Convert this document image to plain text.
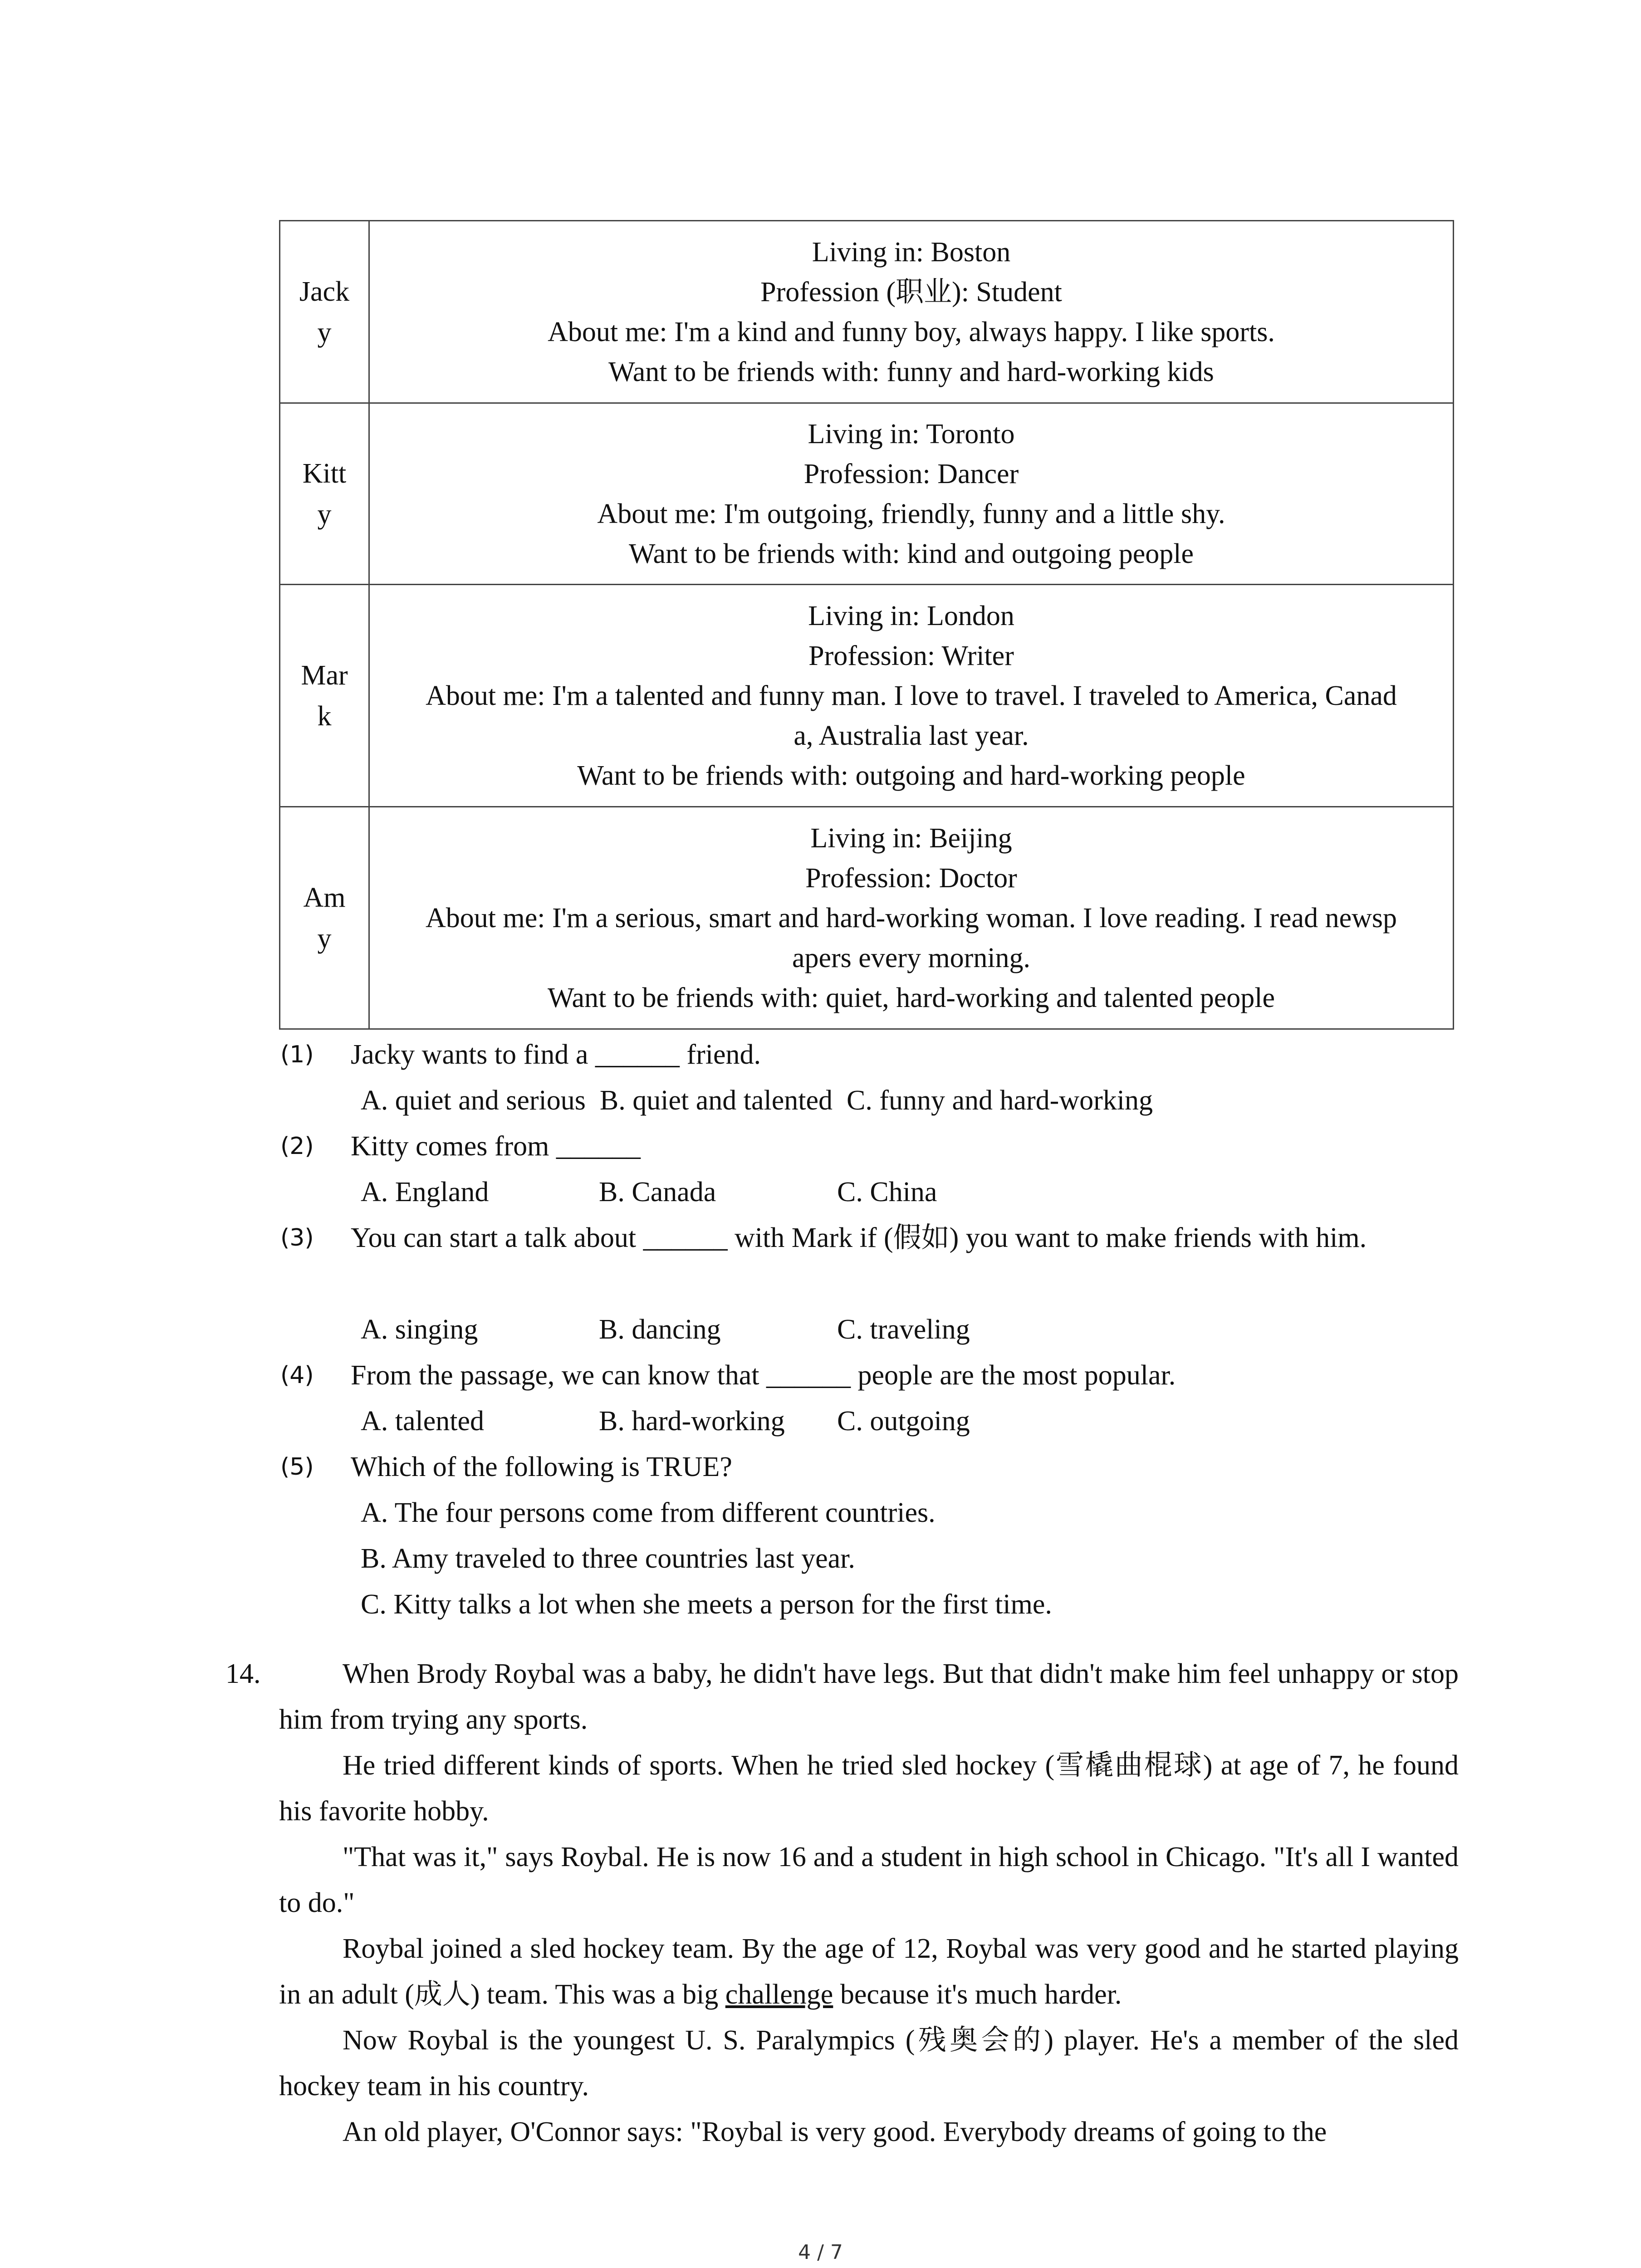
Jack
y	Living in: Boston
Profession (职业): Student
About me: I'm a kind and funny boy, always happy. I like sports.
Want to be friends with: funny and hard-working kids

Kitt
y	Living in: Toronto
Profession: Dancer
About me: I'm outgoing, friendly, funny and a little shy.
Want to be friends with: kind and outgoing people

Mar
k	Living in: London
Profession: Writer
About me: I'm a talented and funny man. I love to travel. I traveled to America, Canad
a, Australia last year.
Want to be friends with: outgoing and hard-working people

Am
y	Living in: Beijing
Profession: Doctor
About me: I'm a serious, smart and hard-working woman. I love reading. I read newsp
apers every morning.
Want to be friends with: quiet, hard-working and talented people
(1) Jacky wants to find a ______ friend.
A. quiet and serious B. quiet and talented C. funny and hard-working
(2) Kitty comes from ______
A. England	B. Canada	C. China
(3) You can start a talk about ______ with Mark if (假如) you want to make friends with him.
A. singing	B. dancing	C. traveling
(4) From the passage, we can know that ______ people are the most popular.
A. talented	B. hard-working C. outgoing
(5) Which of the following is TRUE?
A. The four persons come from different countries.
B. Amy traveled to three countries last year.
C. Kitty talks a lot when she meets a person for the first time.
14.	When Brody Roybal was a baby, he didn't have legs. But that didn't make him feel unhappy or stop him from trying any sports.

He tried different kinds of sports. When he tried sled hockey (雪橇曲棍球) at age of 7, he found his favorite hobby.

"That was it," says Roybal. He is now 16 and a student in high school in Chicago. "It's all I wanted to do."

Roybal joined a sled hockey team. By the age of 12, Roybal was very good and he started playing in an adult (成人) team. This was a big challenge because it's much harder.

Now Roybal is the youngest U. S. Paralympics (残奥会的) player. He's a member of the sled hockey team in his country.

An old player, O'Connor says: "Roybal is very good. Everybody dreams of going to the

4 / 7
